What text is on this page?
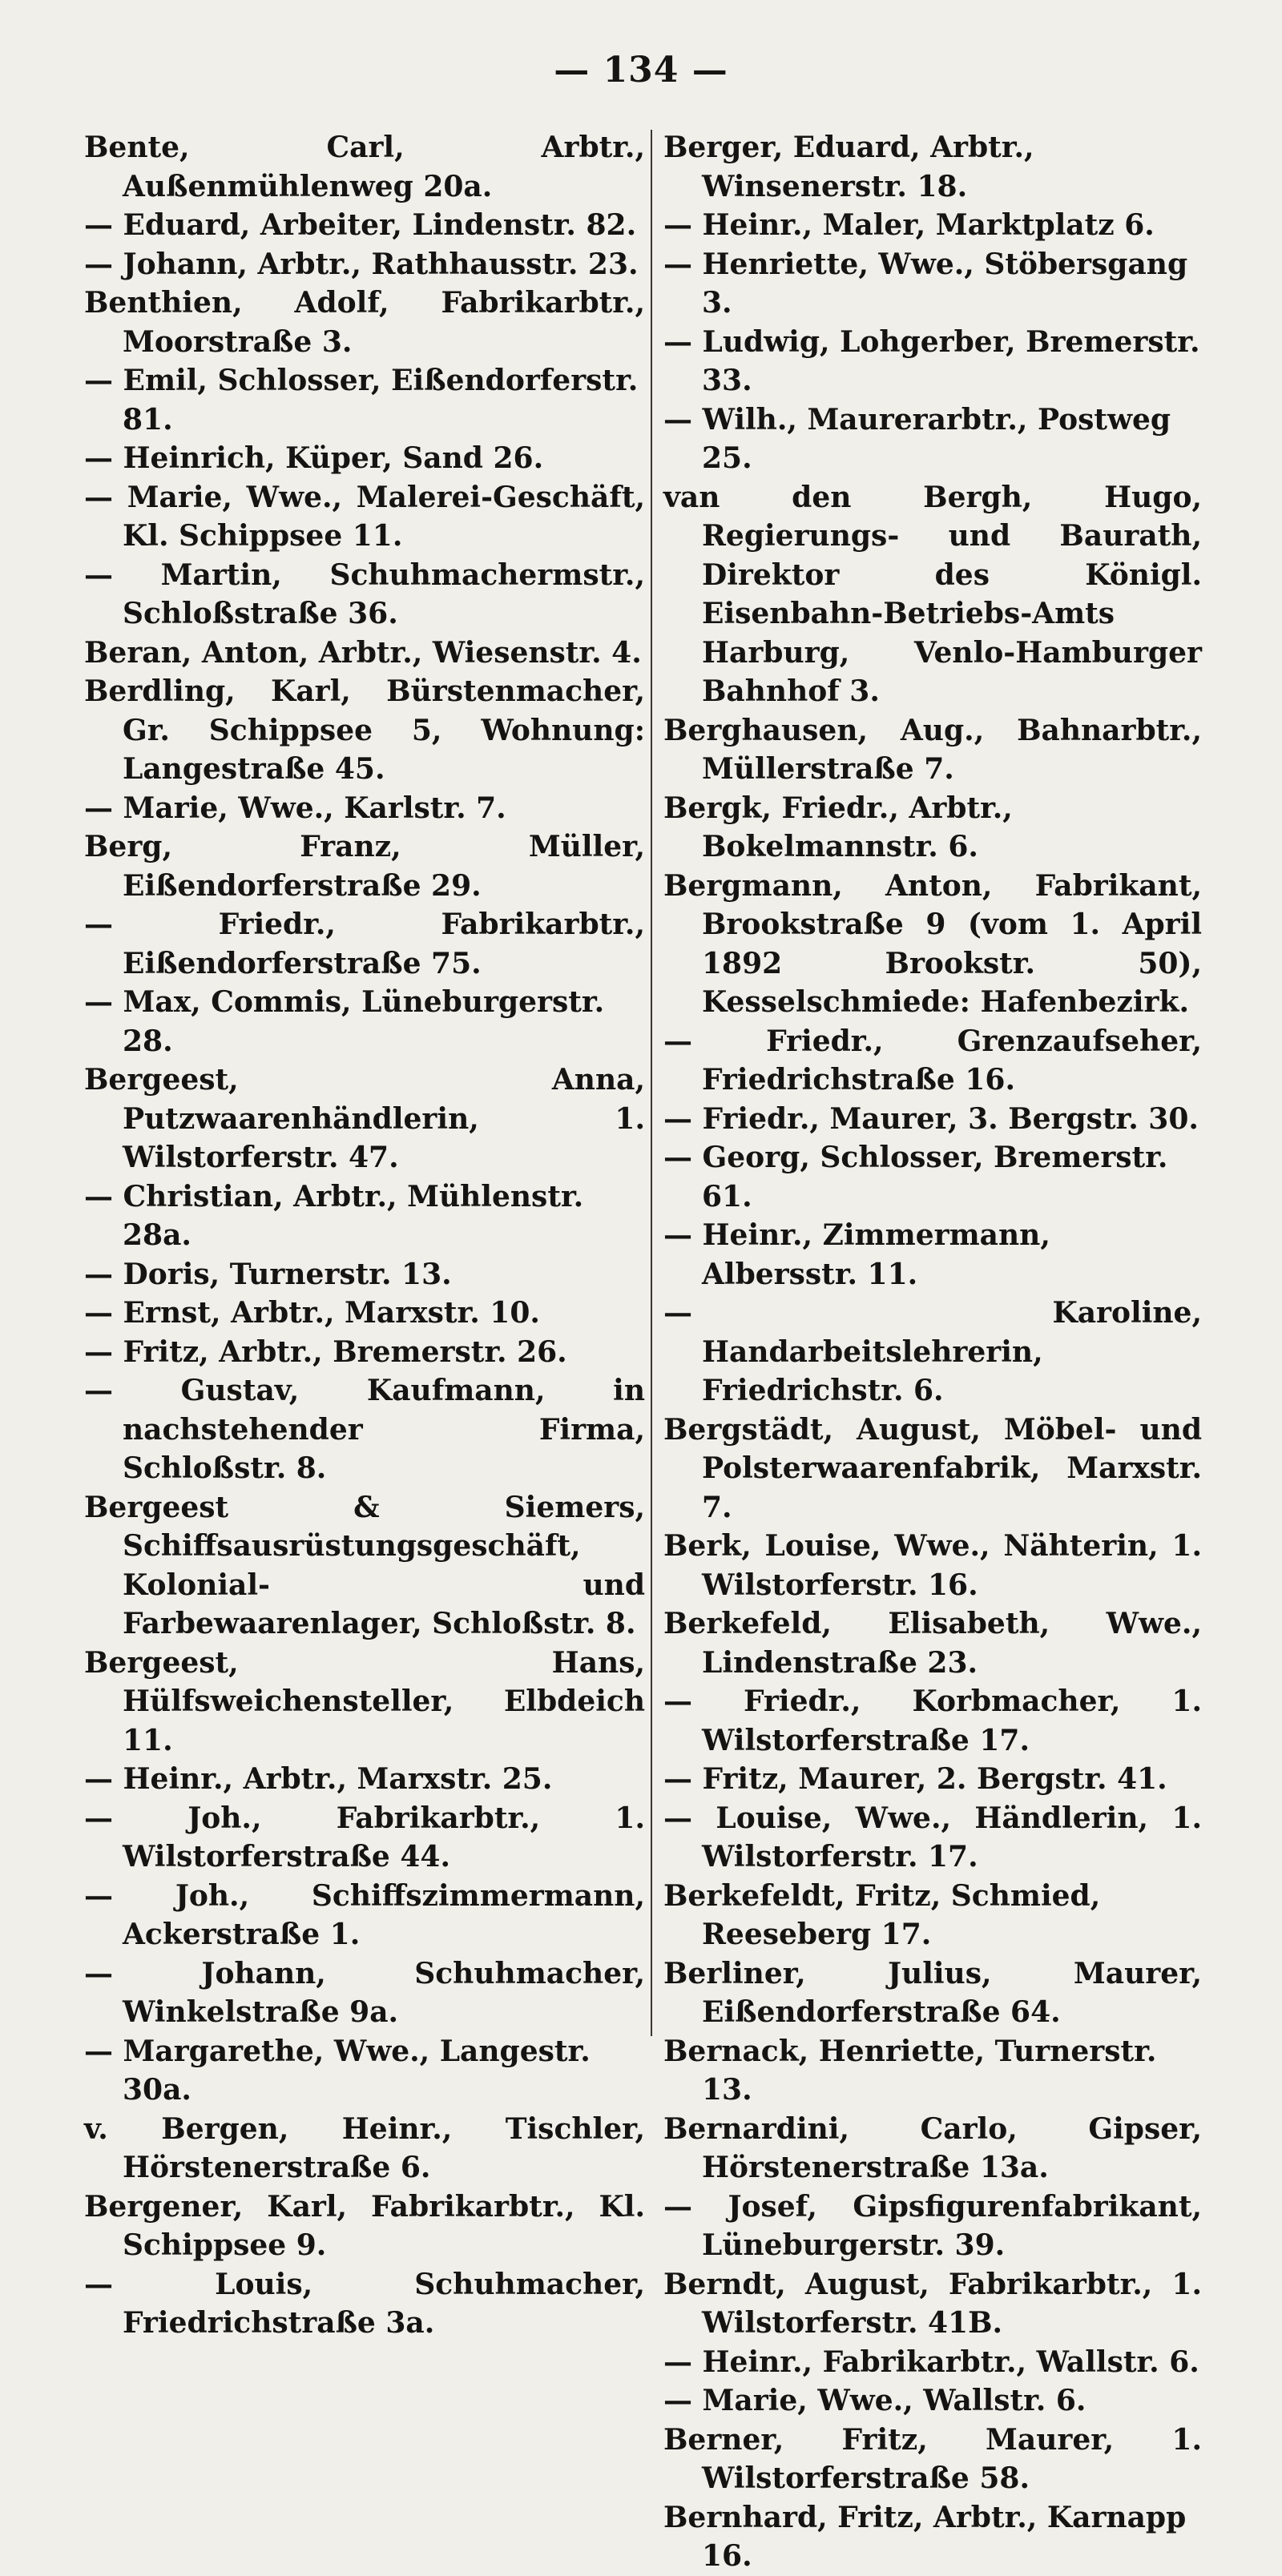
— 134 —

Bente, Carl, Arbtr., Außenmühlenweg 20a.

— Eduard, Arbeiter, Lindenstr. 82.

— Johann, Arbtr., Rathhausstr. 23.

Benthien, Adolf, Fabrikarbtr., Moorstraße 3.

— Emil, Schlosser, Eißendorferstr. 81.

— Heinrich, Küper, Sand 26.

— Marie, Wwe., Malerei-Geschäft, Kl. Schippsee 11.

— Martin, Schuhmachermstr., Schloßstraße 36.

Beran, Anton, Arbtr., Wiesenstr. 4.

Berdling, Karl, Bürstenmacher, Gr. Schippsee 5, Wohnung: Langestraße 45.

— Marie, Wwe., Karlstr. 7.

Berg, Franz, Müller, Eißendorferstraße 29.

— Friedr., Fabrikarbtr., Eißendorferstraße 75.

— Max, Commis, Lüneburgerstr. 28.

Bergeest, Anna, Putzwaarenhändlerin, 1. Wilstorferstr. 47.

— Christian, Arbtr., Mühlenstr. 28a.

— Doris, Turnerstr. 13.

— Ernst, Arbtr., Marxstr. 10.

— Fritz, Arbtr., Bremerstr. 26.

— Gustav, Kaufmann, in nachstehender Firma, Schloßstr. 8.

Bergeest & Siemers, Schiffsausrüstungsgeschäft, Kolonial- und Farbewaarenlager, Schloßstr. 8.

Bergeest, Hans, Hülfsweichensteller, Elbdeich 11.

— Heinr., Arbtr., Marxstr. 25.

— Joh., Fabrikarbtr., 1. Wilstorferstraße 44.

— Joh., Schiffszimmermann, Ackerstraße 1.

— Johann, Schuhmacher, Winkelstraße 9a.

— Margarethe, Wwe., Langestr. 30a.

v. Bergen, Heinr., Tischler, Hörstenerstraße 6.

Bergener, Karl, Fabrikarbtr., Kl. Schippsee 9.

— Louis, Schuhmacher, Friedrichstraße 3a.

Berger, Eduard, Arbtr., Winsenerstr. 18.

— Heinr., Maler, Marktplatz 6.

— Henriette, Wwe., Stöbersgang 3.

— Ludwig, Lohgerber, Bremerstr. 33.

— Wilh., Maurerarbtr., Postweg 25.

van den Bergh, Hugo, Regierungs- und Baurath, Direktor des Königl. Eisenbahn-Betriebs-Amts Harburg, Venlo-Hamburger Bahnhof 3.

Berghausen, Aug., Bahnarbtr., Müllerstraße 7.

Bergk, Friedr., Arbtr., Bokelmannstr. 6.

Bergmann, Anton, Fabrikant, Brookstraße 9 (vom 1. April 1892 Brookstr. 50), Kesselschmiede: Hafenbezirk.

— Friedr., Grenzaufseher, Friedrichstraße 16.

— Friedr., Maurer, 3. Bergstr. 30.

— Georg, Schlosser, Bremerstr. 61.

— Heinr., Zimmermann, Albersstr. 11.

— Karoline, Handarbeitslehrerin, Friedrichstr. 6.

Bergstädt, August, Möbel- und Polsterwaarenfabrik, Marxstr. 7.

Berk, Louise, Wwe., Nähterin, 1. Wilstorferstr. 16.

Berkefeld, Elisabeth, Wwe., Lindenstraße 23.

— Friedr., Korbmacher, 1. Wilstorferstraße 17.

— Fritz, Maurer, 2. Bergstr. 41.

— Louise, Wwe., Händlerin, 1. Wilstorferstr. 17.

Berkefeldt, Fritz, Schmied, Reeseberg 17.

Berliner, Julius, Maurer, Eißendorferstraße 64.

Bernack, Henriette, Turnerstr. 13.

Bernardini, Carlo, Gipser, Hörstenerstraße 13a.

— Josef, Gipsfigurenfabrikant, Lüneburgerstr. 39.

Berndt, August, Fabrikarbtr., 1. Wilstorferstr. 41B.

— Heinr., Fabrikarbtr., Wallstr. 6.

— Marie, Wwe., Wallstr. 6.

Berner, Fritz, Maurer, 1. Wilstorferstraße 58.

Bernhard, Fritz, Arbtr., Karnapp 16.
